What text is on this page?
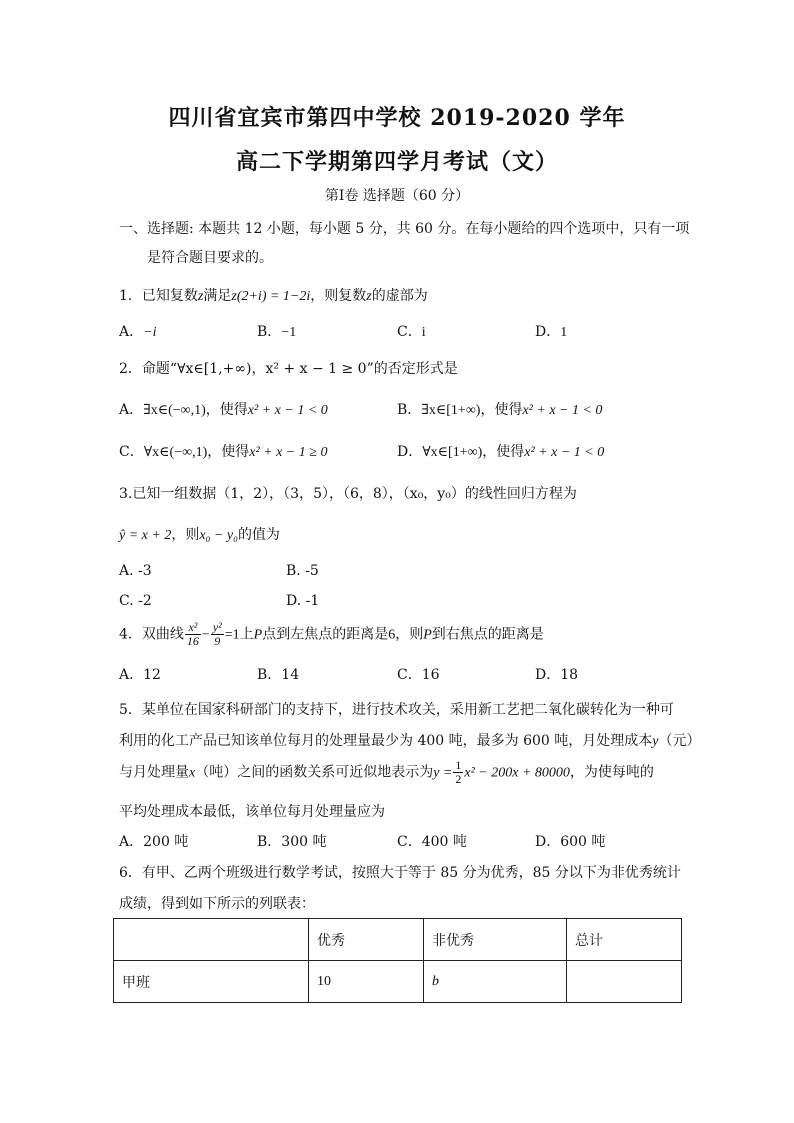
四川省宜宾市第四中学校 2019-2020 学年
高二下学期第四学月考试（文）
第I卷 选择题（60 分）
一、选择题: 本题共 12 小题，每小题 5 分，共 60 分。在每小题给的四个选项中，只有一项
是符合题目要求的。
1．已知复数z满足z(2+i) = 1−2i，则复数z的虚部为
A．−i	B．−1	C．i	D．1
2．命题“∀x∈[1,+∞)，x² + x − 1 ≥ 0”的否定形式是
A．∃x∈(−∞,1)，使得x² + x − 1 < 0	B．∃x∈[1+∞)，使得x² + x − 1 < 0
C．∀x∈(−∞,1)，使得x² + x − 1 ≥ 0	D．∀x∈[1+∞)，使得x² + x − 1 < 0
3.已知一组数据（1，2），（3，5），（6，8），（x₀，y₀）的线性回归方程为
ŷ = x + 2，则x₀ − y₀的值为
A. -3	B. -5
C. -2	D. -1
4．双曲线 $\frac{\text{x²}}{16} - \frac{\text{y²}}{9} =1$上P点到左焦点的距离是6，则P到右焦点的距离是
A．12	B．14	C．16	D．18
5．某单位在国家科研部门的支持下，进行技术攻关，采用新工艺把二氧化碳转化为一种可
利用的化工产品已知该单位每月的处理量最少为 400 吨，最多为 600 吨，月处理成本y（元）
与月处理量x（吨）之间的函数关系可近似地表示为$y = \frac{1}{2} x^2 - 200x + 80000$，为使每吨的
平均处理成本最低，该单位每月处理量应为
A．200 吨	B．300 吨	C．400 吨	D．600 吨
6．有甲、乙两个班级进行数学考试，按照大于等于 85 分为优秀，85 分以下为非优秀统计
成绩，得到如下所示的列联表：
	优秀	非优秀	总计
甲班	10	b	
